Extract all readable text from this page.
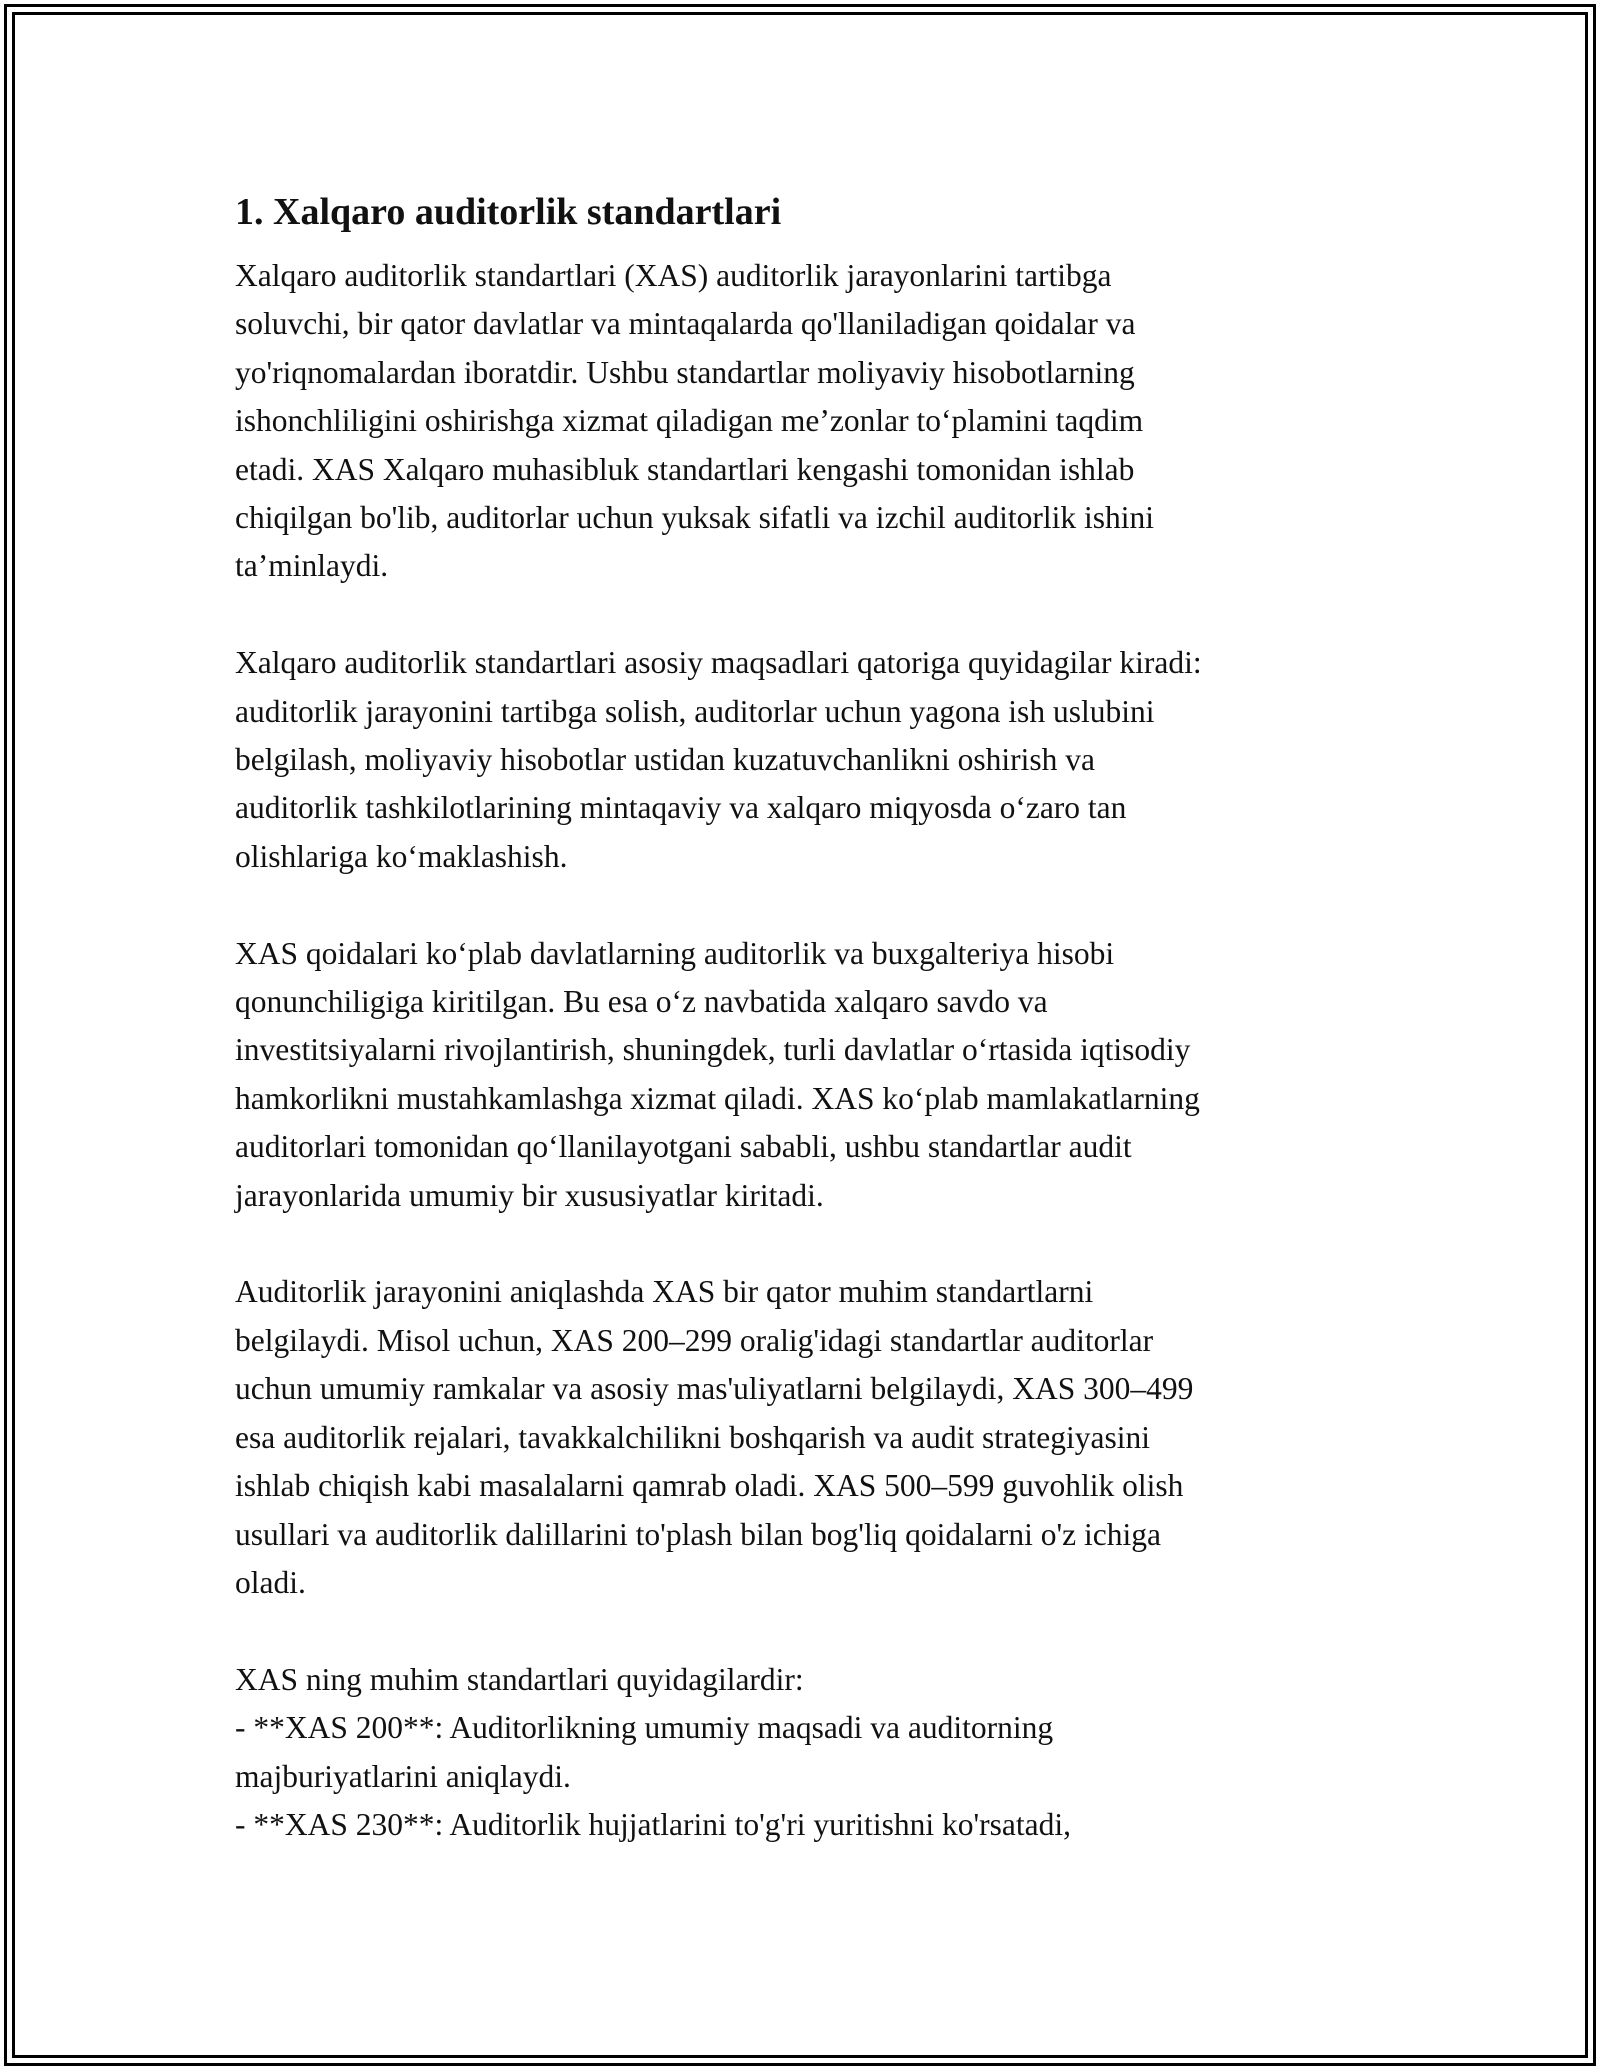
1. Xalqaro auditorlik standartlari

Xalqaro auditorlik standartlari (XAS) auditorlik jarayonlarini tartibga
soluvchi, bir qator davlatlar va mintaqalarda qo'llaniladigan qoidalar va
yo'riqnomalardan iboratdir. Ushbu standartlar moliyaviy hisobotlarning
ishonchliligini oshirishga xizmat qiladigan me’zonlar to‘plamini taqdim
etadi. XAS Xalqaro muhasibluk standartlari kengashi tomonidan ishlab
chiqilgan bo'lib, auditorlar uchun yuksak sifatli va izchil auditorlik ishini
ta’minlaydi.

Xalqaro auditorlik standartlari asosiy maqsadlari qatoriga quyidagilar kiradi:
auditorlik jarayonini tartibga solish, auditorlar uchun yagona ish uslubini
belgilash, moliyaviy hisobotlar ustidan kuzatuvchanlikni oshirish va
auditorlik tashkilotlarining mintaqaviy va xalqaro miqyosda o‘zaro tan
olishlariga ko‘maklashish.

XAS qoidalari ko‘plab davlatlarning auditorlik va buxgalteriya hisobi
qonunchiligiga kiritilgan. Bu esa o‘z navbatida xalqaro savdo va
investitsiyalarni rivojlantirish, shuningdek, turli davlatlar o‘rtasida iqtisodiy
hamkorlikni mustahkamlashga xizmat qiladi. XAS ko‘plab mamlakatlarning
auditorlari tomonidan qo‘llanilayotgani sababli, ushbu standartlar audit
jarayonlarida umumiy bir xususiyatlar kiritadi.

Auditorlik jarayonini aniqlashda XAS bir qator muhim standartlarni
belgilaydi. Misol uchun, XAS 200–299 oralig'idagi standartlar auditorlar
uchun umumiy ramkalar va asosiy mas'uliyatlarni belgilaydi, XAS 300–499
esa auditorlik rejalari, tavakkalchilikni boshqarish va audit strategiyasini
ishlab chiqish kabi masalalarni qamrab oladi. XAS 500–599 guvohlik olish
usullari va auditorlik dalillarini to'plash bilan bog'liq qoidalarni o'z ichiga
oladi.

XAS ning muhim standartlari quyidagilardir:
- **XAS 200**: Auditorlikning umumiy maqsadi va auditorning
majburiyatlarini aniqlaydi.
- **XAS 230**: Auditorlik hujjatlarini to'g'ri yuritishni ko'rsatadi,
